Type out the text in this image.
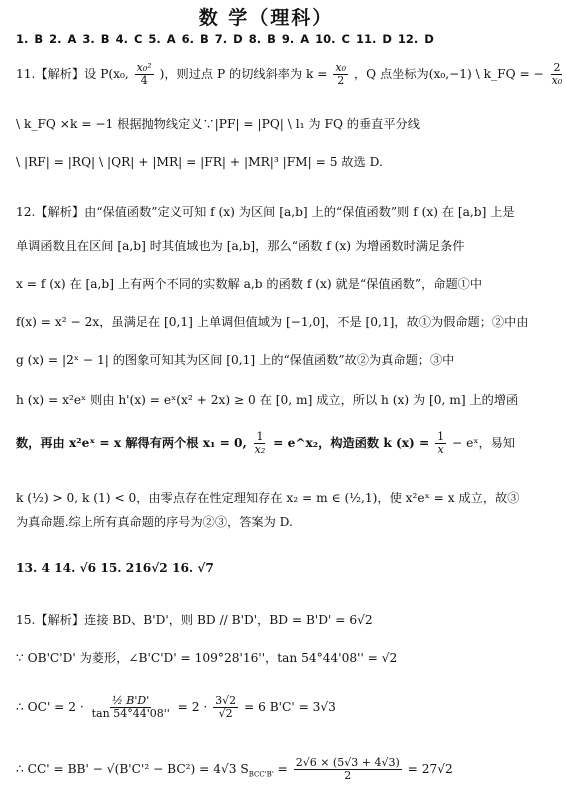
数 学（理科）
1. B 2. A 3. B 4. C 5. A 6. B 7. D 8. B 9. A 10. C 11. D 12. D
11.【解析】设 P(x₀, $\frac{\text{x₀²}}{4}$ )，则过点 P 的切线斜率为 $k = \frac{\text{x₀}}{2}$ ，Q 点坐标为(x₀,−1) \ k_FQ = − $\frac{2}{\text{x₀}}$
\ k_FQ ×k = −1 根据抛物线定义∵|PF| = |PQ| \ l₁ 为 FQ 的垂直平分线
\ |RF| = |RQ| \ |QR| + |MR| = |FR| + |MR|³ |FM| = 5 故选 D.
12.【解析】由“保值函数”定义可知 f (x) 为区间 [a,b] 上的“保值函数”则 f (x) 在 [a,b] 上是
单调函数且在区间 [a,b] 时其值域也为 [a,b]，那么“函数 f (x) 为增函数时满足条件
x = f (x) 在 [a,b] 上有两个不同的实数解 a,b 的函数 f (x) 就是“保值函数”，命题①中
f(x) = x² − 2x，虽满足在 [0,1] 上单调但值域为 [−1,0]，不是 [0,1]，故①为假命题；②中由
g (x) = |2ˣ − 1| 的图象可知其为区间 [0,1] 上的“保值函数”故②为真命题；③中
h (x) = x²eˣ 则由 h'(x) = eˣ(x² + 2x) ≥ 0 在 [0, m] 成立，所以 h (x) 为 [0, m] 上的增函
数，再由 x²eˣ = x 解得有两个根 x₁ = 0, $\frac{1}{\text{x₂}}$ = e^x₂，构造函数 k $(x) = \frac{1}{x}$ − eˣ，易知
k (½) > 0, k (1) < 0，由零点存在性定理知存在 x₂ = m ∈ (½,1)，使 x²eˣ = x 成立，故③
为真命题.综上所有真命题的序号为②③，答案为 D.
13. 4 14. √6 15. 216√2 16. √7
15.【解析】连接 BD、B'D'，则 BD // B'D'，BD = B'D' = 6√2
∵ OB'C'D' 为菱形，∠B'C'D' = 109°28'16''，tan 54°44'08'' = √2
∴ $OC' = 2 \cdot \frac{\text{½ B'D'}}{\tan 54^\circ 44'08''} = 2 \cdot \frac{3√2}{√2} = 6$ B'C' = 3√3
∴ CC' = BB' − √(B'C'² − BC²) = 4√3 $S_{BCC'B'} = \frac{2√6 \times (5√3 + 4√3)}{2} = 27√2$
